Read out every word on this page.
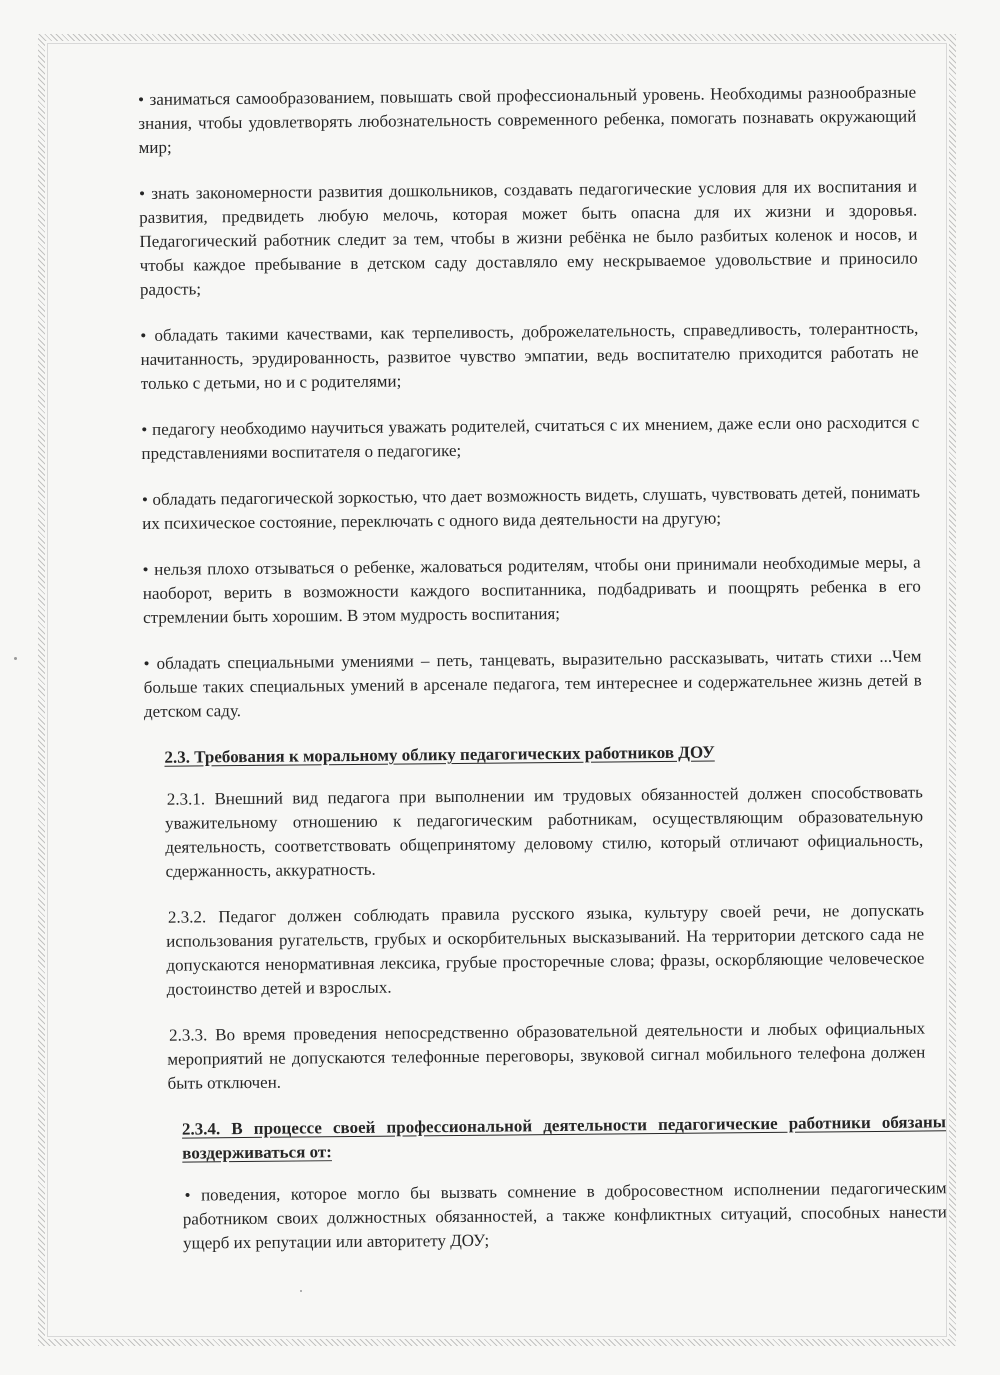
• заниматься самообразованием, повышать свой профессиональный уровень. Необходимы разнообразные знания, чтобы удовлетворять любознательность современного ребенка, помогать познавать окружающий мир;

• знать закономерности развития дошкольников, создавать педагогические условия для их воспитания и развития, предвидеть любую мелочь, которая может быть опасна для их жизни и здоровья. Педагогический работник следит за тем, чтобы в жизни ребёнка не было разбитых коленок и носов, и чтобы каждое пребывание в детском саду доставляло ему нескрываемое удовольствие и приносило радость;

• обладать такими качествами, как терпеливость, доброжелательность, справедливость, толерантность, начитанность, эрудированность, развитое чувство эмпатии, ведь воспитателю приходится работать не только с детьми, но и с родителями;

• педагогу необходимо научиться уважать родителей, считаться с их мнением, даже если оно расходится с представлениями воспитателя о педагогике;

• обладать педагогической зоркостью, что дает возможность видеть, слушать, чувствовать детей, понимать их психическое состояние, переключать с одного вида деятельности на другую;

• нельзя плохо отзываться о ребенке, жаловаться родителям, чтобы они принимали необходимые меры, а наоборот, верить в возможности каждого воспитанника, подбадривать и поощрять ребенка в его стремлении быть хорошим. В этом мудрость воспитания;

• обладать специальными умениями – петь, танцевать, выразительно рассказывать, читать стихи ...Чем больше таких специальных умений в арсенале педагога, тем интереснее и содержательнее жизнь детей в детском саду.

2.3. Требования к моральному облику педагогических работников ДОУ

2.3.1. Внешний вид педагога при выполнении им трудовых обязанностей должен способствовать уважительному отношению к педагогическим работникам, осуществляющим образовательную деятельность, соответствовать общепринятому деловому стилю, который отличают официальность, сдержанность, аккуратность.

2.3.2. Педагог должен соблюдать правила русского языка, культуру своей речи, не допускать использования ругательств, грубых и оскорбительных высказываний. На территории детского сада не допускаются ненормативная лексика, грубые просторечные слова; фразы, оскорбляющие человеческое достоинство детей и взрослых.

2.3.3. Во время проведения непосредственно образовательной деятельности и любых официальных мероприятий не допускаются телефонные переговоры, звуковой сигнал мобильного телефона должен быть отключен.

2.3.4. В процессе своей профессиональной деятельности педагогические работники обязаны воздерживаться от:

• поведения, которое могло бы вызвать сомнение в добросовестном исполнении педагогическим работником своих должностных обязанностей, а также конфликтных ситуаций, способных нанести ущерб их репутации или авторитету ДОУ;
